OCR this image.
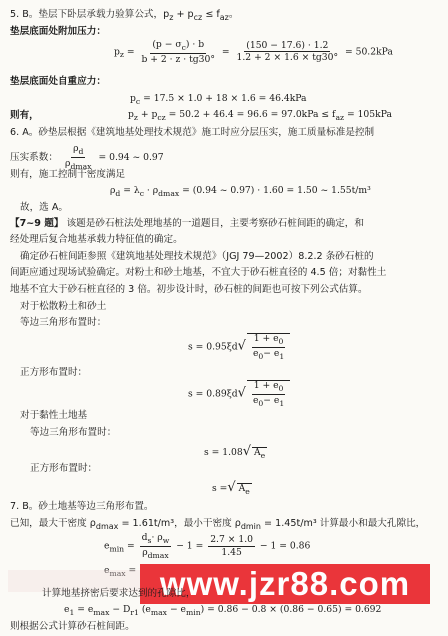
5. B。垫层下卧层承载力验算公式，$p_z + p_{cz} \le f_{az}$。
垫层底面处附加压力：
$p_z = \frac{(p - \sigma_c) \cdot b}{b + 2 \cdot z \cdot tg30^\circ} = \frac{(150 - 17.6) \cdot 1.2}{1.2 + 2 \times 1.6 \times tg30^\circ} = 50.2kPa$
垫层底面处自重应力：
$p_c = 17.5 \times 1.0 + 18 \times 1.6 = 46.4kPa$
则有，	$p_z + p_{cz} = 50.2 + 46.4 = 96.6 = 97.0kPa \le f_{az} = 105kPa$
6. A。砂垫层根据《建筑地基处理技术规范》施工时应分层压实，施工质量标准是控制
压实系数： $\frac{\rho_d}{\rho_{dmax}} = 0.94$ ~ 0.97
则有，施工控制干密度满足
$\rho_d = \lambda_c \cdot \rho_{dmax} = (0.94$ ~ 0.97) · 1.60 = 1.50 ~ 1.55t/m³
故，选 A。
【7~9 题】 该题是砂石桩法处理地基的一道题目，主要考察砂石桩间距的确定，和
经处理后复合地基承载力特征值的确定。
确定砂石桩间距参照《建筑地基处理技术规范》（JGJ 79—2002）8.2.2 条砂石桩的
间距应通过现场试验确定。对粉土和砂土地基，不宜大于砂石桩直径的 4.5 倍；对黏性土
地基不宜大于砂石桩直径的 3 倍。初步设计时，砂石桩的间距也可按下列公式估算。
对于松散粉土和砂土
等边三角形布置时：
$s = 0.95\xi d√ \frac{1 + e_0}{e_0- e_1}$
正方形布置时：
$s = 0.89\xi d√ \frac{1 + e_0}{e_0- e_1}$
对于黏性土地基
等边三角形布置时：
s = 1.08√ $A_e$
正方形布置时：
s =√ $A_e$
7. B。砂土地基等边三角形布置。
已知，最大干密度 $\rho_{dmax} = 1.61t/m^3$，最小干密度 $\rho_{dmin} = 1.45t/m^3$ 计算最小和最大孔隙比，
$e_{min} = \frac{d_s\cdot \rho_w}{\rho_{dmax}} - 1 = \frac{2.7 \times 1.0}{1.45} - 1 = 0.86$
$e_{max} = www.jzr88.com$
计算地基挤密后要求达到的孔隙比，
$e_1 = e_{max} - D_{r1}$ $(e_{max} - e_{min}) = 0.86 - 0.8 \times (0.86 - 0.65) = 0.692$
则根据公式计算砂石桩间距。
